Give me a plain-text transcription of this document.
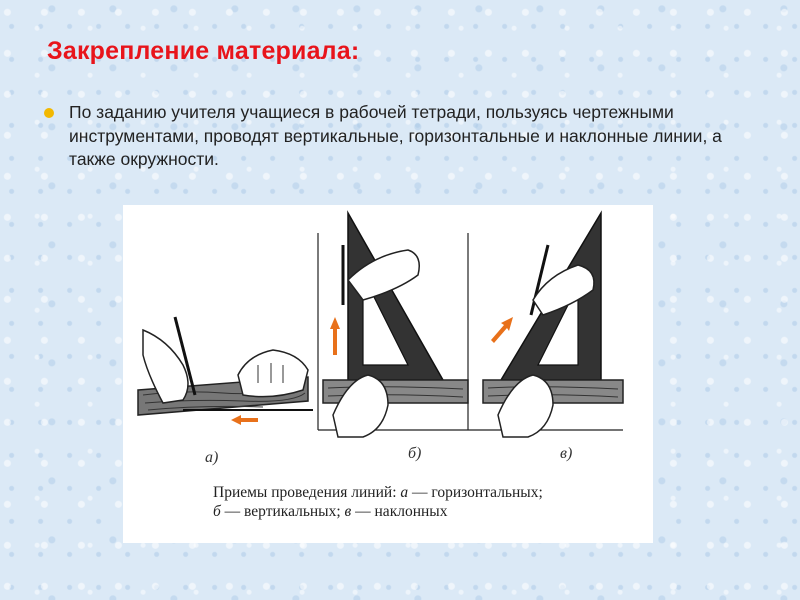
Закрепление материала:
По заданию учителя учащиеся в рабочей тетради, пользуясь чертежными инструментами, проводят вертикальные, горизонтальные и наклонные линии, а также окружности.
а)	б)	в)
Приемы проведения линий: а — горизонтальных;
б — вертикальных; в — наклонных
